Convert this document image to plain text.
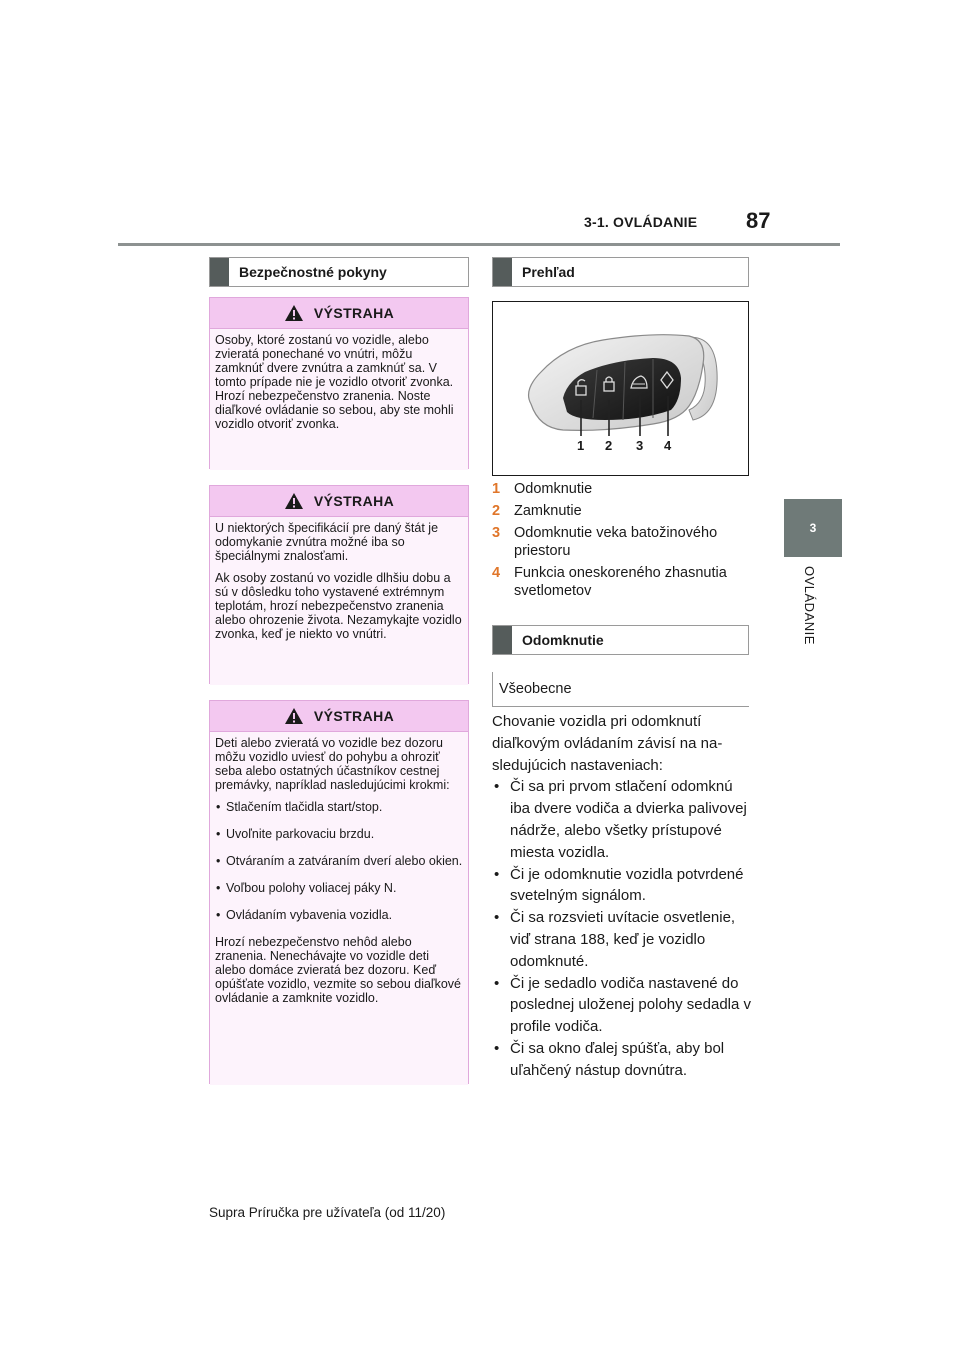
3-1. OVLÁDANIE 87
3
OVLÁDANIE
Bezpečnostné pokyny
VÝSTRAHA

Osoby, ktoré zostanú vo vozidle, alebo zvieratá ponechané vo vnútri, môžu zamknúť dvere zvnútra a zamknúť sa. V tomto prípade nie je vozidlo otvoriť zvonka. Hrozí nebezpečenstvo zranenia. Noste diaľkové ovládanie so sebou, aby ste mohli vozidlo otvoriť zvonka.

VÝSTRAHA

U niektorých špecifikácií pre daný štát je odomykanie zvnútra možné iba so špeciálnymi znalosťami.

Ak osoby zostanú vo vozidle dlhšiu dobu a sú v dôsledku toho vystavené extrémnym teplotám, hrozí nebezpečenstvo zranenia alebo ohrozenie života. Nezamykajte vozidlo zvonka, keď je niekto vo vnútri.

VÝSTRAHA

Deti alebo zvieratá vo vozidle bez dozoru môžu vozidlo uviesť do pohybu a ohroziť seba alebo ostatných účastníkov cestnej premávky, napríklad nasledujúcimi krokmi:

• Stlačením tlačidla start/stop.
• Uvoľnite parkovaciu brzdu.
• Otváraním a zatváraním dverí alebo okien.
• Voľbou polohy voliacej páky N.
• Ovládaním vybavenia vozidla.

Hrozí nebezpečenstvo nehôd alebo zranenia. Nenechávajte vo vozidle deti alebo domáce zvieratá bez dozoru. Keď opúšťate vozidlo, vezmite so sebou diaľkové ovládanie a zamknite vozidlo.

Prehľad
1 2 3 4
1 Odomknutie
2 Zamknutie
3 Odomknutie veka batožinového priestoru
4 Funkcia oneskoreného zhasnutia svetlometov
Odomknutie
Všeobecne

Chovanie vozidla pri odomknutí diaľkovým ovládaním závisí na nasledujúcich nastaveniach:

• Či sa pri prvom stlačení odomknú iba dvere vodiča a dvierka palivovej nádrže, alebo všetky prístupové miesta vozidla.
• Či je odomknutie vozidla potvrdené svetelným signálom.
• Či sa rozsvieti uvítacie osvetlenie, viď strana 188, keď je vozidlo odomknuté.
• Či je sedadlo vodiča nastavené do poslednej uloženej polohy sedadla v profile vodiča.
• Či sa okno ďalej spúšťa, aby bol uľahčený nástup dovnútra.
Supra Príručka pre užívateľa (od 11/20)
